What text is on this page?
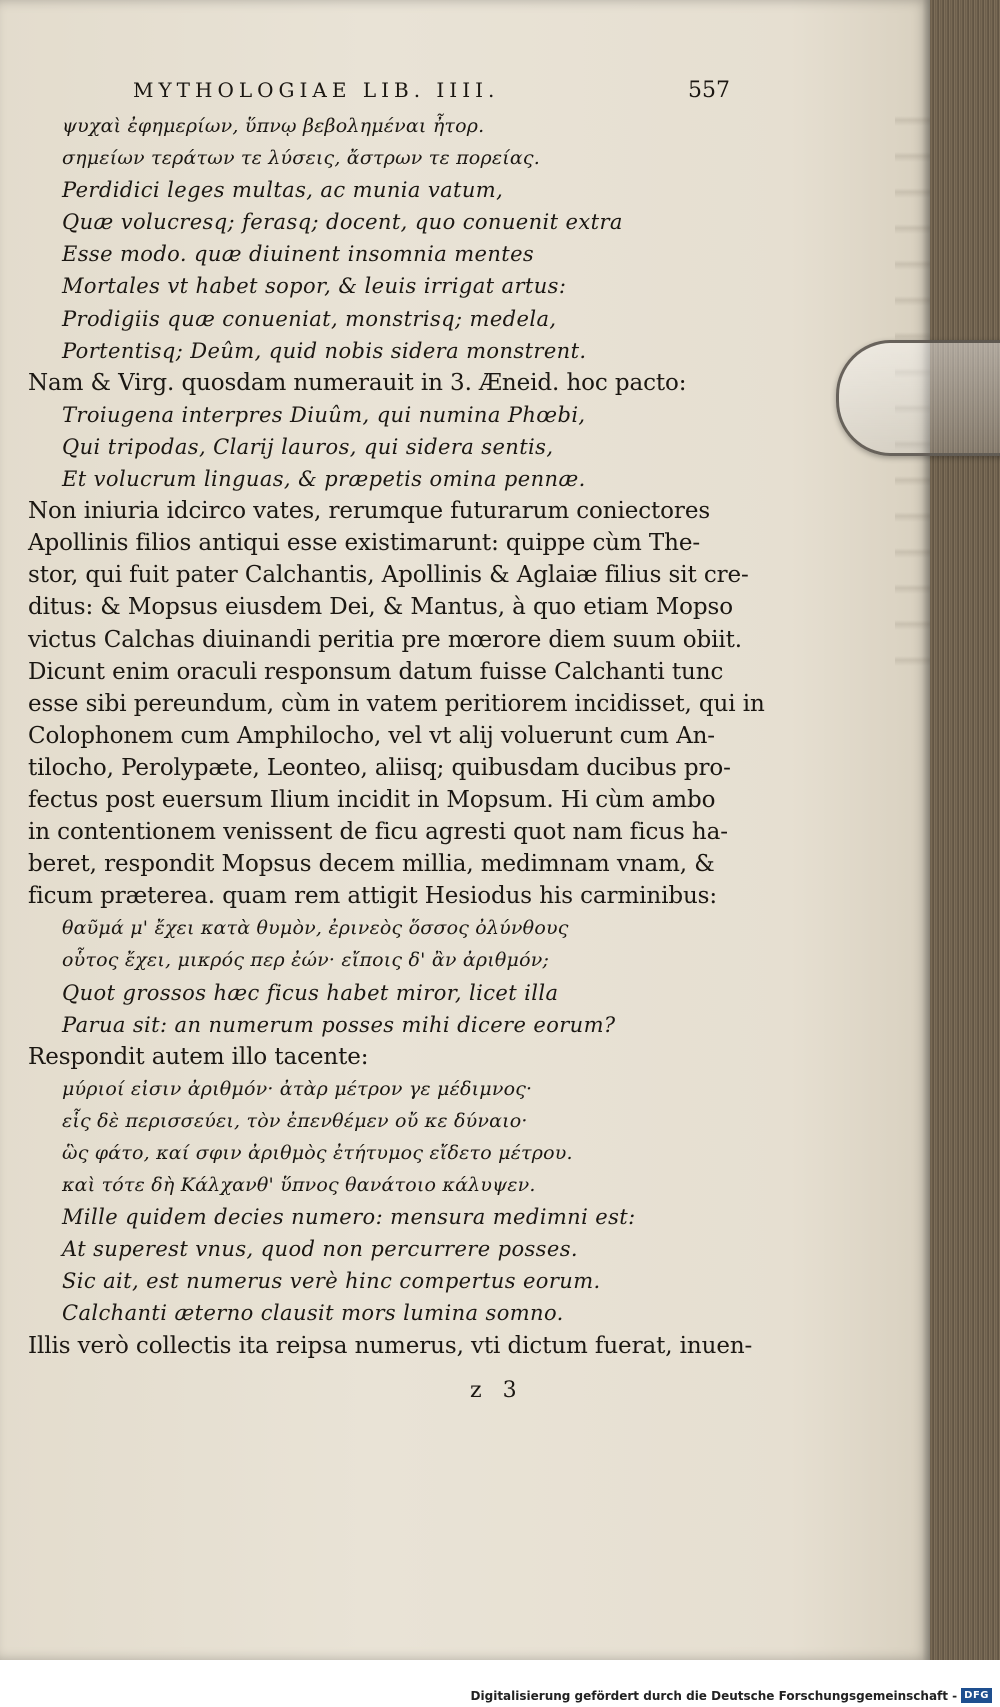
MYTHOLOGIAE LIB. IIII.	557
ψυχαὶ ἐφημερίων, ὕπνῳ βεβολημέναι ἦτορ.
σημείων τεράτων τε λύσεις, ἄστρων τε πορείας.
Perdidici leges multas, ac munia vatum,
Quæ volucresq; ferasq; docent, quo conuenit extra
Esse modo. quæ diuinent insomnia mentes
Mortales vt habet sopor, & leuis irrigat artus:
Prodigiis quæ conueniat, monstrisq; medela,
Portentisq; Deûm, quid nobis sidera monstrent.
Nam & Virg. quosdam numerauit in 3. Æneid. hoc pacto:
Troiugena interpres Diuûm, qui numina Phœbi,
Qui tripodas, Clarij lauros, qui sidera sentis,
Et volucrum linguas, & præpetis omina pennæ.
Non iniuria idcirco vates, rerumque futurarum coniectores
Apollinis filios antiqui esse existimarunt: quippe cùm The-
stor, qui fuit pater Calchantis, Apollinis & Aglaiæ filius sit cre-
ditus: & Mopsus eiusdem Dei, & Mantus, à quo etiam Mopso
victus Calchas diuinandi peritia pre mœrore diem suum obiit.
Dicunt enim oraculi responsum datum fuisse Calchanti tunc
esse sibi pereundum, cùm in vatem peritiorem incidisset, qui in
Colophonem cum Amphilocho, vel vt alij voluerunt cum An-
tilocho, Perolypæte, Leonteo, aliisq; quibusdam ducibus pro-
fectus post euersum Ilium incidit in Mopsum. Hi cùm ambo
in contentionem venissent de ficu agresti quot nam ficus ha-
beret, respondit Mopsus decem millia, medimnam vnam, &
ficum præterea. quam rem attigit Hesiodus his carminibus:
θαῦμά μ' ἔχει κατὰ θυμὸν, ἐρινεὸς ὅσσος ὀλύνθους
οὗτος ἔχει, μικρός περ ἐών· εἴποις δ' ἂν ἀριθμόν;
Quot grossos hæc ficus habet miror, licet illa
Parua sit: an numerum posses mihi dicere eorum?
Respondit autem illo tacente:
μύριοί εἰσιν ἀριθμόν· ἀτὰρ μέτρον γε μέδιμνος·
εἷς δὲ περισσεύει, τὸν ἐπενθέμεν οὔ κε δύναιο·
ὣς φάτο, καί σφιν ἀριθμὸς ἐτήτυμος εἴδετο μέτρου.
καὶ τότε δὴ Κάλχανθ' ὕπνος θανάτοιο κάλυψεν.
Mille quidem decies numero: mensura medimni est:
At superest vnus, quod non percurrere posses.
Sic ait, est numerus verè hinc compertus eorum.
Calchanti æterno clausit mors lumina somno.
Illis verò collectis ita reipsa numerus, vti dictum fuerat, inuen-
z 3
Digitalisierung gefördert durch die Deutsche Forschungsgemeinschaft - DFG
